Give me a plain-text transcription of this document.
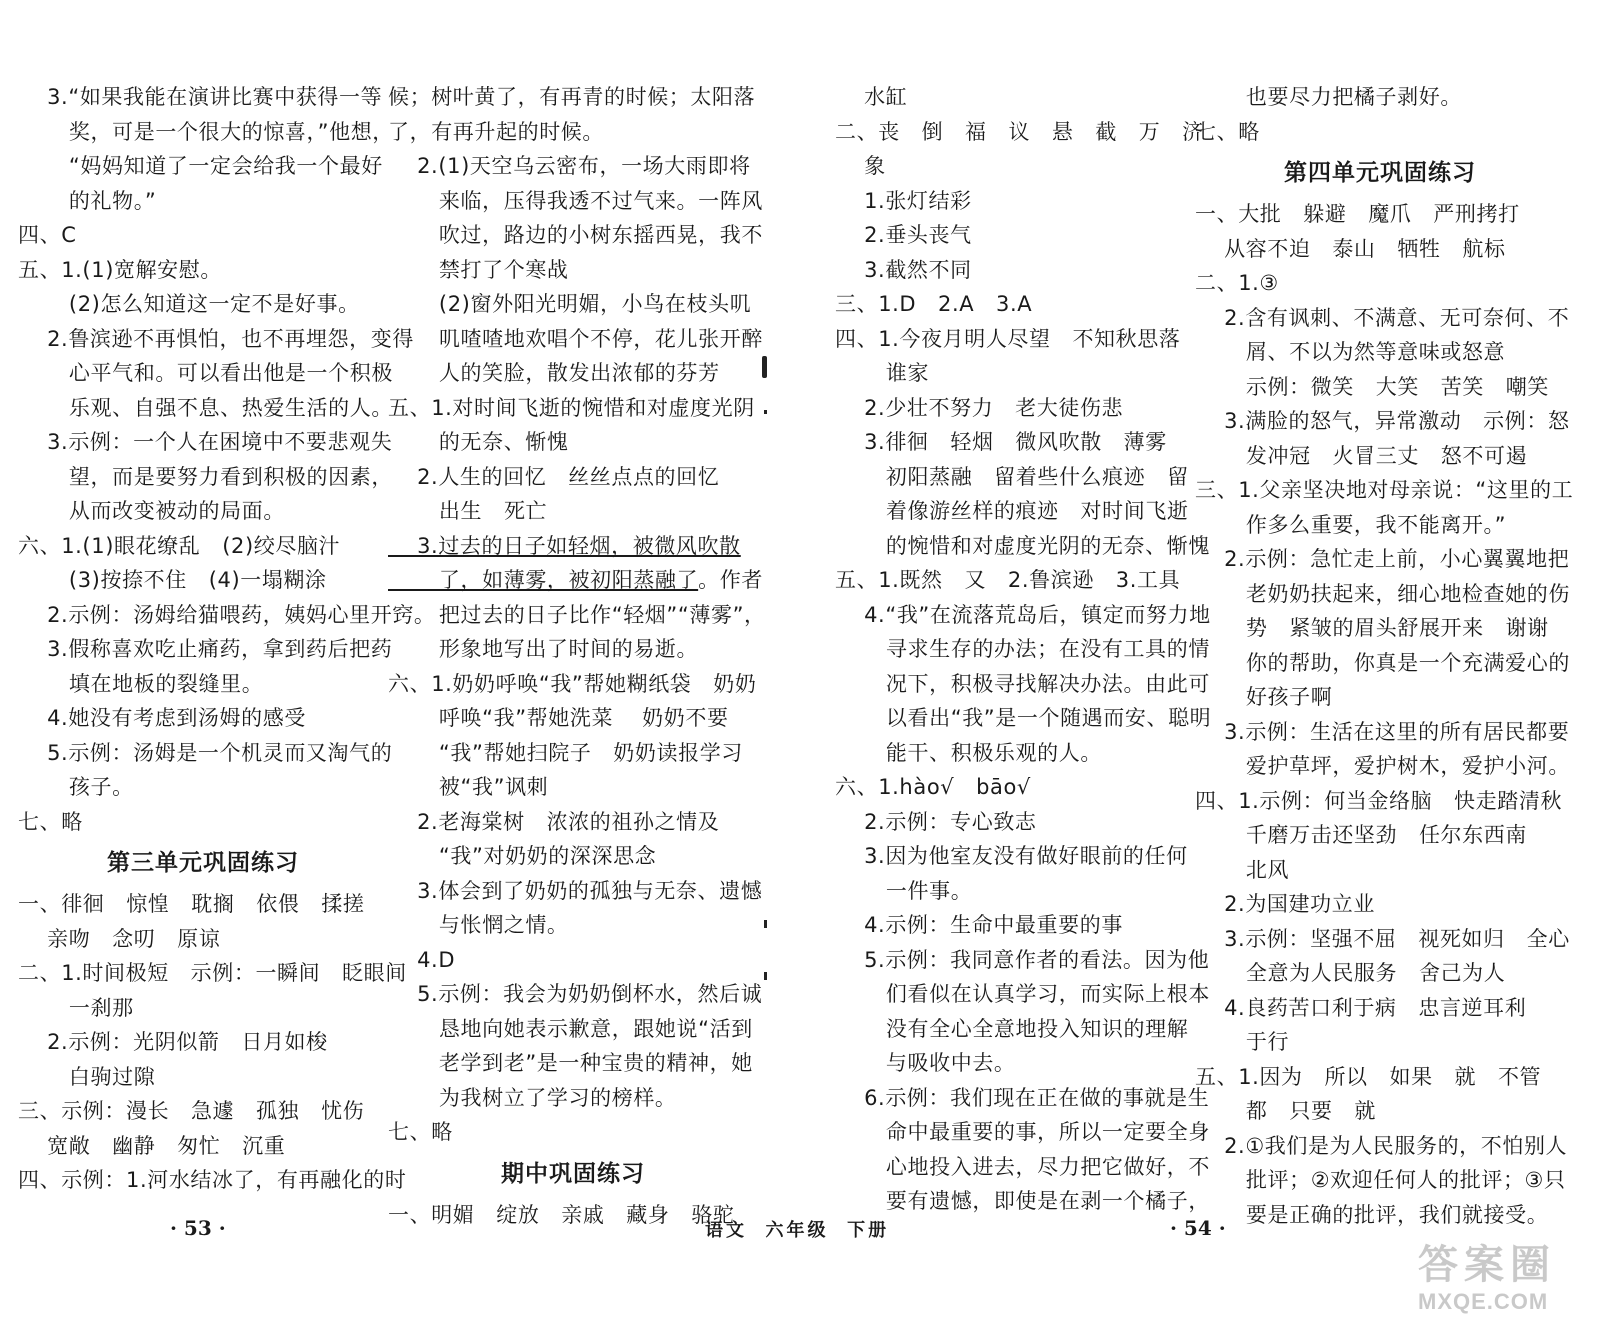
3.“如果我能在演讲比赛中获得一等
奖，可是一个很大的惊喜，”他想，
“妈妈知道了一定会给我一个最好
的礼物。”
四、C
五、1.(1)宽解安慰。
(2)怎么知道这一定不是好事。
2.鲁滨逊不再惧怕，也不再埋怨，变得
心平气和。可以看出他是一个积极
乐观、自强不息、热爱生活的人。
3.示例：一个人在困境中不要悲观失
望，而是要努力看到积极的因素，
从而改变被动的局面。
六、1.(1)眼花缭乱   (2)绞尽脑汁
(3)按捺不住   (4)一塌糊涂
2.示例：汤姆给猫喂药，姨妈心里开窍。
3.假称喜欢吃止痛药，拿到药后把药
填在地板的裂缝里。
4.她没有考虑到汤姆的感受
5.示例：汤姆是一个机灵而又淘气的
孩子。
七、略
第三单元巩固练习
一、徘徊   惊惶   耽搁   依偎   揉搓
亲吻   念叨   原谅
二、1.时间极短   示例：一瞬间   眨眼间
一刹那
2.示例：光阴似箭   日月如梭
白驹过隙
三、示例：漫长   急遽   孤独   忧伤
宽敞   幽静   匆忙   沉重
四、示例：1.河水结冰了，有再融化的时
候；树叶黄了，有再青的时候；太阳落
了，有再升起的时候。
2.(1)天空乌云密布，一场大雨即将
来临，压得我透不过气来。一阵风
吹过，路边的小树东摇西晃，我不
禁打了个寒战
(2)窗外阳光明媚，小鸟在枝头叽
叽喳喳地欢唱个不停，花儿张开醉
人的笑脸，散发出浓郁的芬芳
五、1.对时间飞逝的惋惜和对虚度光阴
的无奈、惭愧
2.人生的回忆   丝丝点点的回忆
出生   死亡
3.过去的日子如轻烟，被微风吹散
了，如薄雾，被初阳蒸融了。作者
把过去的日子比作“轻烟”“薄雾”，
形象地写出了时间的易逝。
六、1.奶奶呼唤“我”帮她糊纸袋   奶奶
呼唤“我”帮她洗菜    奶奶不要
“我”帮她扫院子   奶奶读报学习
被“我”讽刺
2.老海棠树   浓浓的祖孙之情及
“我”对奶奶的深深思念
3.体会到了奶奶的孤独与无奈、遗憾
与怅惘之情。
4.D
5.示例：我会为奶奶倒杯水，然后诚
恳地向她表示歉意，跟她说“活到
老学到老”是一种宝贵的精神，她
为我树立了学习的榜样。
七、略
期中巩固练习
一、明媚   绽放   亲戚   藏身   骆驼
水缸
二、丧   倒   福   议   悬   截   万   济
象
1.张灯结彩
2.垂头丧气
3.截然不同
三、1.D   2.A   3.A
四、1.今夜月明人尽望   不知秋思落
谁家
2.少壮不努力   老大徒伤悲
3.徘徊   轻烟   微风吹散   薄雾
初阳蒸融   留着些什么痕迹   留
着像游丝样的痕迹   对时间飞逝
的惋惜和对虚度光阴的无奈、惭愧
五、1.既然   又   2.鲁滨逊   3.工具
4.“我”在流落荒岛后，镇定而努力地
寻求生存的办法；在没有工具的情
况下，积极寻找解决办法。由此可
以看出“我”是一个随遇而安、聪明
能干、积极乐观的人。
六、1.hào√   bāo√
2.示例：专心致志
3.因为他室友没有做好眼前的任何
一件事。
4.示例：生命中最重要的事
5.示例：我同意作者的看法。因为他
们看似在认真学习，而实际上根本
没有全心全意地投入知识的理解
与吸收中去。
6.示例：我们现在正在做的事就是生
命中最重要的事，所以一定要全身
心地投入进去，尽力把它做好，不
要有遗憾，即使是在剥一个橘子，
也要尽力把橘子剥好。
七、略
第四单元巩固练习
一、大批   躲避   魔爪   严刑拷打
从容不迫   泰山   牺牲   航标
二、1.③
2.含有讽刺、不满意、无可奈何、不
屑、不以为然等意味或怒意
示例：微笑   大笑   苦笑   嘲笑
3.满脸的怒气，异常激动   示例：怒
发冲冠   火冒三丈   怒不可遏
三、1.父亲坚决地对母亲说：“这里的工
作多么重要，我不能离开。”
2.示例：急忙走上前，小心翼翼地把
老奶奶扶起来，细心地检查她的伤
势   紧皱的眉头舒展开来   谢谢
你的帮助，你真是一个充满爱心的
好孩子啊
3.示例：生活在这里的所有居民都要
爱护草坪，爱护树木，爱护小河。
四、1.示例：何当金络脑   快走踏清秋
千磨万击还坚劲   任尔东西南
北风
2.为国建功立业
3.示例：坚强不屈   视死如归   全心
全意为人民服务   舍己为人
4.良药苦口利于病   忠言逆耳利
于行
五、1.因为   所以   如果   就   不管
都   只要   就
2.①我们是为人民服务的，不怕别人
批评；②欢迎任何人的批评；③只
要是正确的批评，我们就接受。
· 53 ·	语文  六年级  下册	· 54 ·
答案圈
MXQE.COM
